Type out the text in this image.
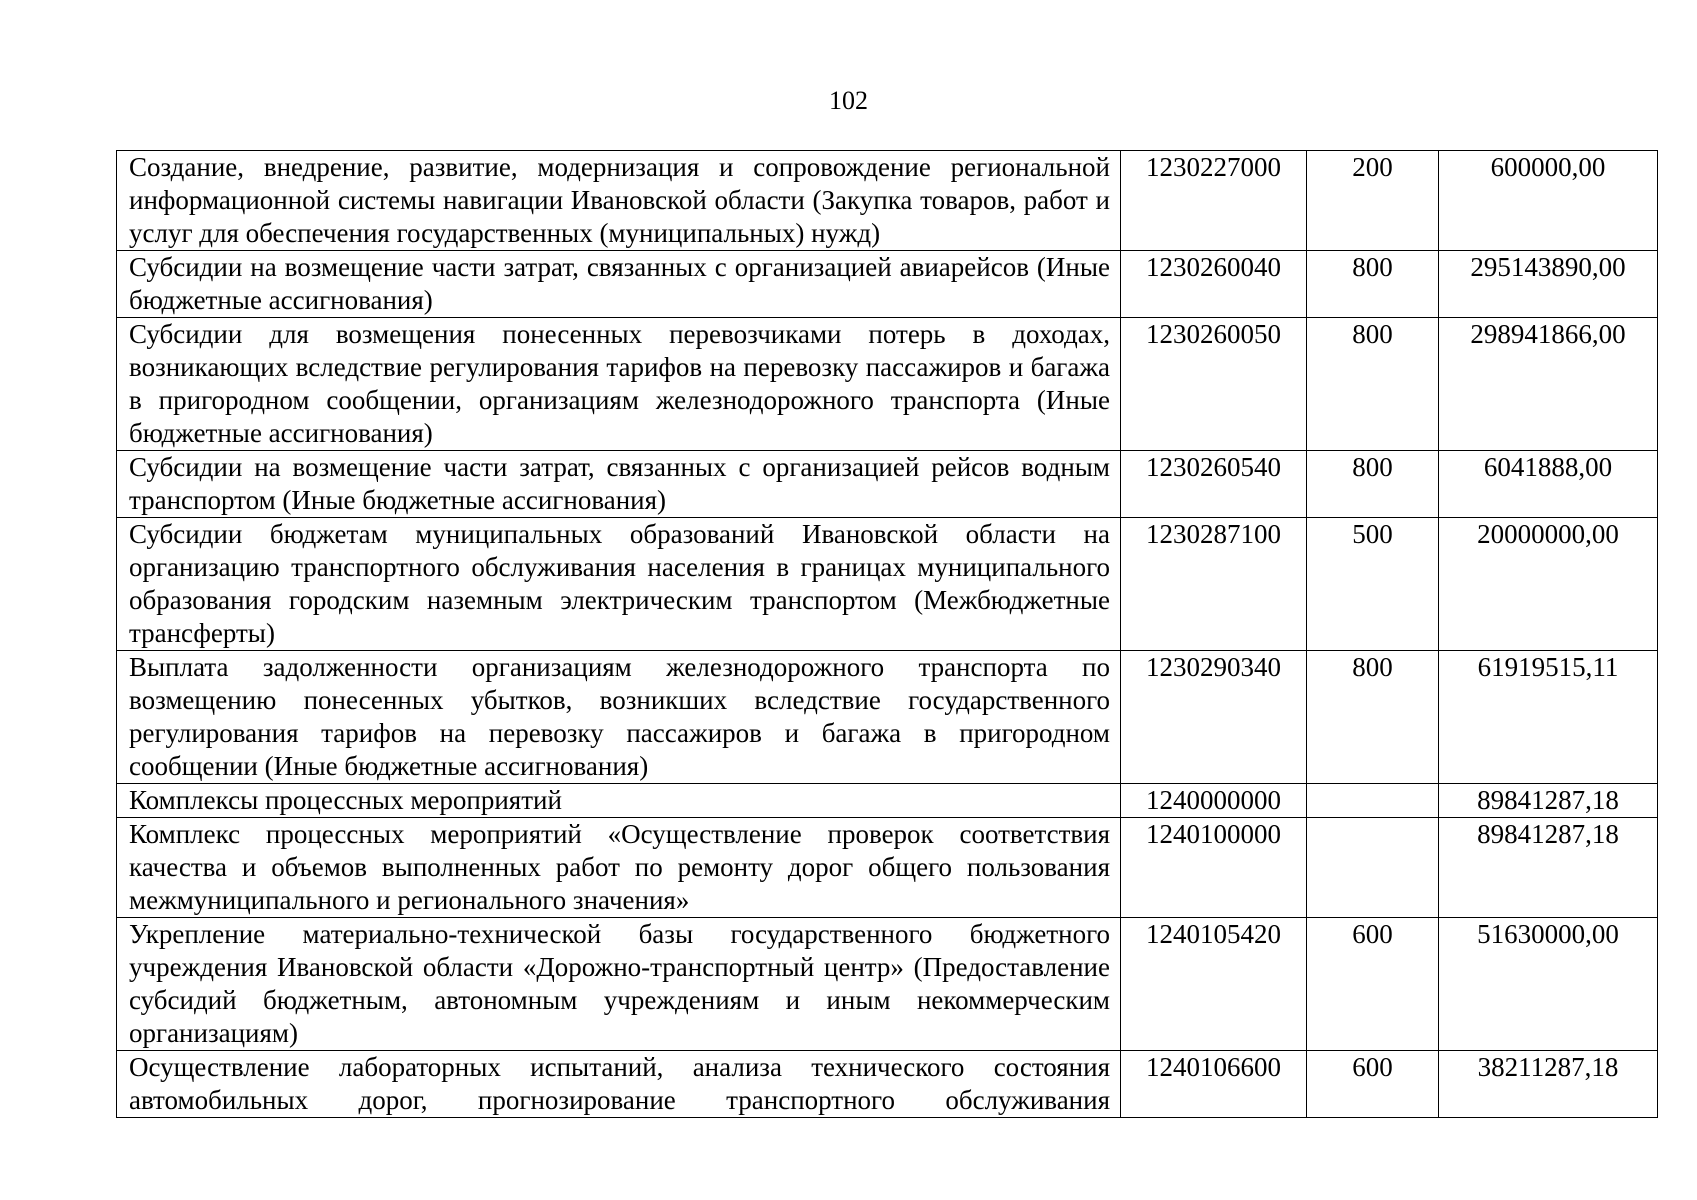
102
Создание, внедрение, развитие, модернизация и сопровождение региональной информационной системы навигации Ивановской области (Закупка товаров, работ и услуг для обеспечения государственных (муниципальных) нужд)	1230227000	200	600000,00
Субсидии на возмещение части затрат, связанных с организацией авиарейсов (Иные бюджетные ассигнования)	1230260040	800	295143890,00
Субсидии для возмещения понесенных перевозчиками потерь в доходах, возникающих вследствие регулирования тарифов на перевозку пассажиров и багажа в пригородном сообщении, организациям железнодорожного транспорта (Иные бюджетные ассигнования)	1230260050	800	298941866,00
Субсидии на возмещение части затрат, связанных с организацией рейсов водным транспортом (Иные бюджетные ассигнования)	1230260540	800	6041888,00
Субсидии бюджетам муниципальных образований Ивановской области на организацию транспортного обслуживания населения в границах муниципального образования городским наземным электрическим транспортом (Межбюджетные трансферты)	1230287100	500	20000000,00
Выплата задолженности организациям железнодорожного транспорта по возмещению понесенных убытков, возникших вследствие государственного регулирования тарифов на перевозку пассажиров и багажа в пригородном сообщении (Иные бюджетные ассигнования)	1230290340	800	61919515,11
Комплексы процессных мероприятий	1240000000		89841287,18
Комплекс процессных мероприятий «Осуществление проверок соответствия качества и объемов выполненных работ по ремонту дорог общего пользования межмуниципального и регионального значения»	1240100000		89841287,18
Укрепление материально-технической базы государственного бюджетного учреждения Ивановской области «Дорожно-транспортный центр» (Предоставление субсидий бюджетным, автономным учреждениям и иным некоммерческим организациям)	1240105420	600	51630000,00
Осуществление лабораторных испытаний, анализа технического состояния автомобильных дорог, прогнозирование транспортного обслуживания	1240106600	600	38211287,18
